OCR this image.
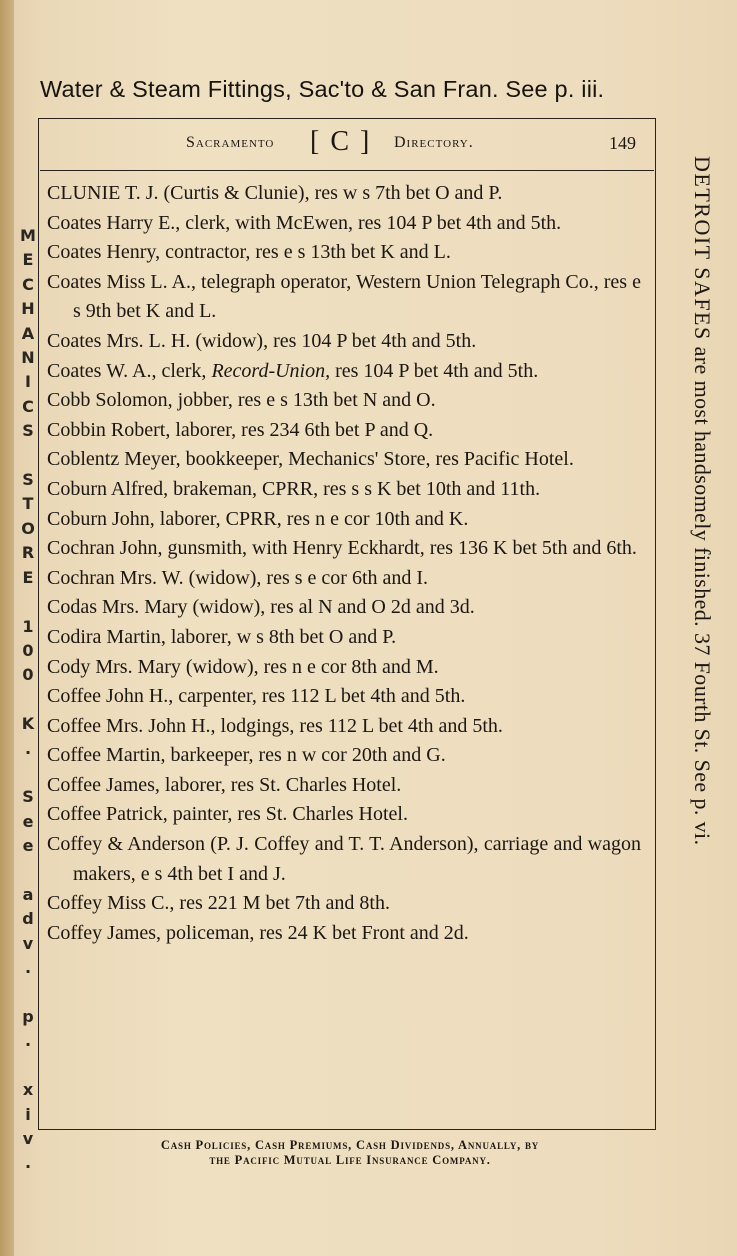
Water & Steam Fittings, Sac'to & San Fran. See p. iii.
Sacramento [ C ] Directory.	149
CLUNIE T. J. (Curtis & Clunie), res w s 7th bet O and P.
Coates Harry E., clerk, with McEwen, res 104 P bet 4th and 5th.
Coates Henry, contractor, res e s 13th bet K and L.
Coates Miss L. A., telegraph operator, Western Union Telegraph Co., res e s 9th bet K and L.
Coates Mrs. L. H. (widow), res 104 P bet 4th and 5th.
Coates W. A., clerk, Record-Union, res 104 P bet 4th and 5th.
Cobb Solomon, jobber, res e s 13th bet N and O.
Cobbin Robert, laborer, res 234 6th bet P and Q.
Coblentz Meyer, bookkeeper, Mechanics' Store, res Pacific Hotel.
Coburn Alfred, brakeman, CPRR, res s s K bet 10th and 11th.
Coburn John, laborer, CPRR, res n e cor 10th and K.
Cochran John, gunsmith, with Henry Eckhardt, res 136 K bet 5th and 6th.
Cochran Mrs. W. (widow), res s e cor 6th and I.
Codas Mrs. Mary (widow), res al N and O 2d and 3d.
Codira Martin, laborer, w s 8th bet O and P.
Cody Mrs. Mary (widow), res n e cor 8th and M.
Coffee John H., carpenter, res 112 L bet 4th and 5th.
Coffee Mrs. John H., lodgings, res 112 L bet 4th and 5th.
Coffee Martin, barkeeper, res n w cor 20th and G.
Coffee James, laborer, res St. Charles Hotel.
Coffee Patrick, painter, res St. Charles Hotel.
Coffey & Anderson (P. J. Coffey and T. T. Anderson), carriage and wagon makers, e s 4th bet I and J.
Coffey Miss C., res 221 M bet 7th and 8th.
Coffey James, policeman, res 24 K bet Front and 2d.
M
E
C
H
A
N
I
C
S

S
T
O
R
E

1
0
0

K
.

S
e
e

a
d
v
.

p
.

x
i
v
.
DETROIT SAFES are most handsomely finished. 37 Fourth St. See p. vi.
Cash Policies, Cash Premiums, Cash Dividends, Annually, by
the Pacific Mutual Life Insurance Company.
